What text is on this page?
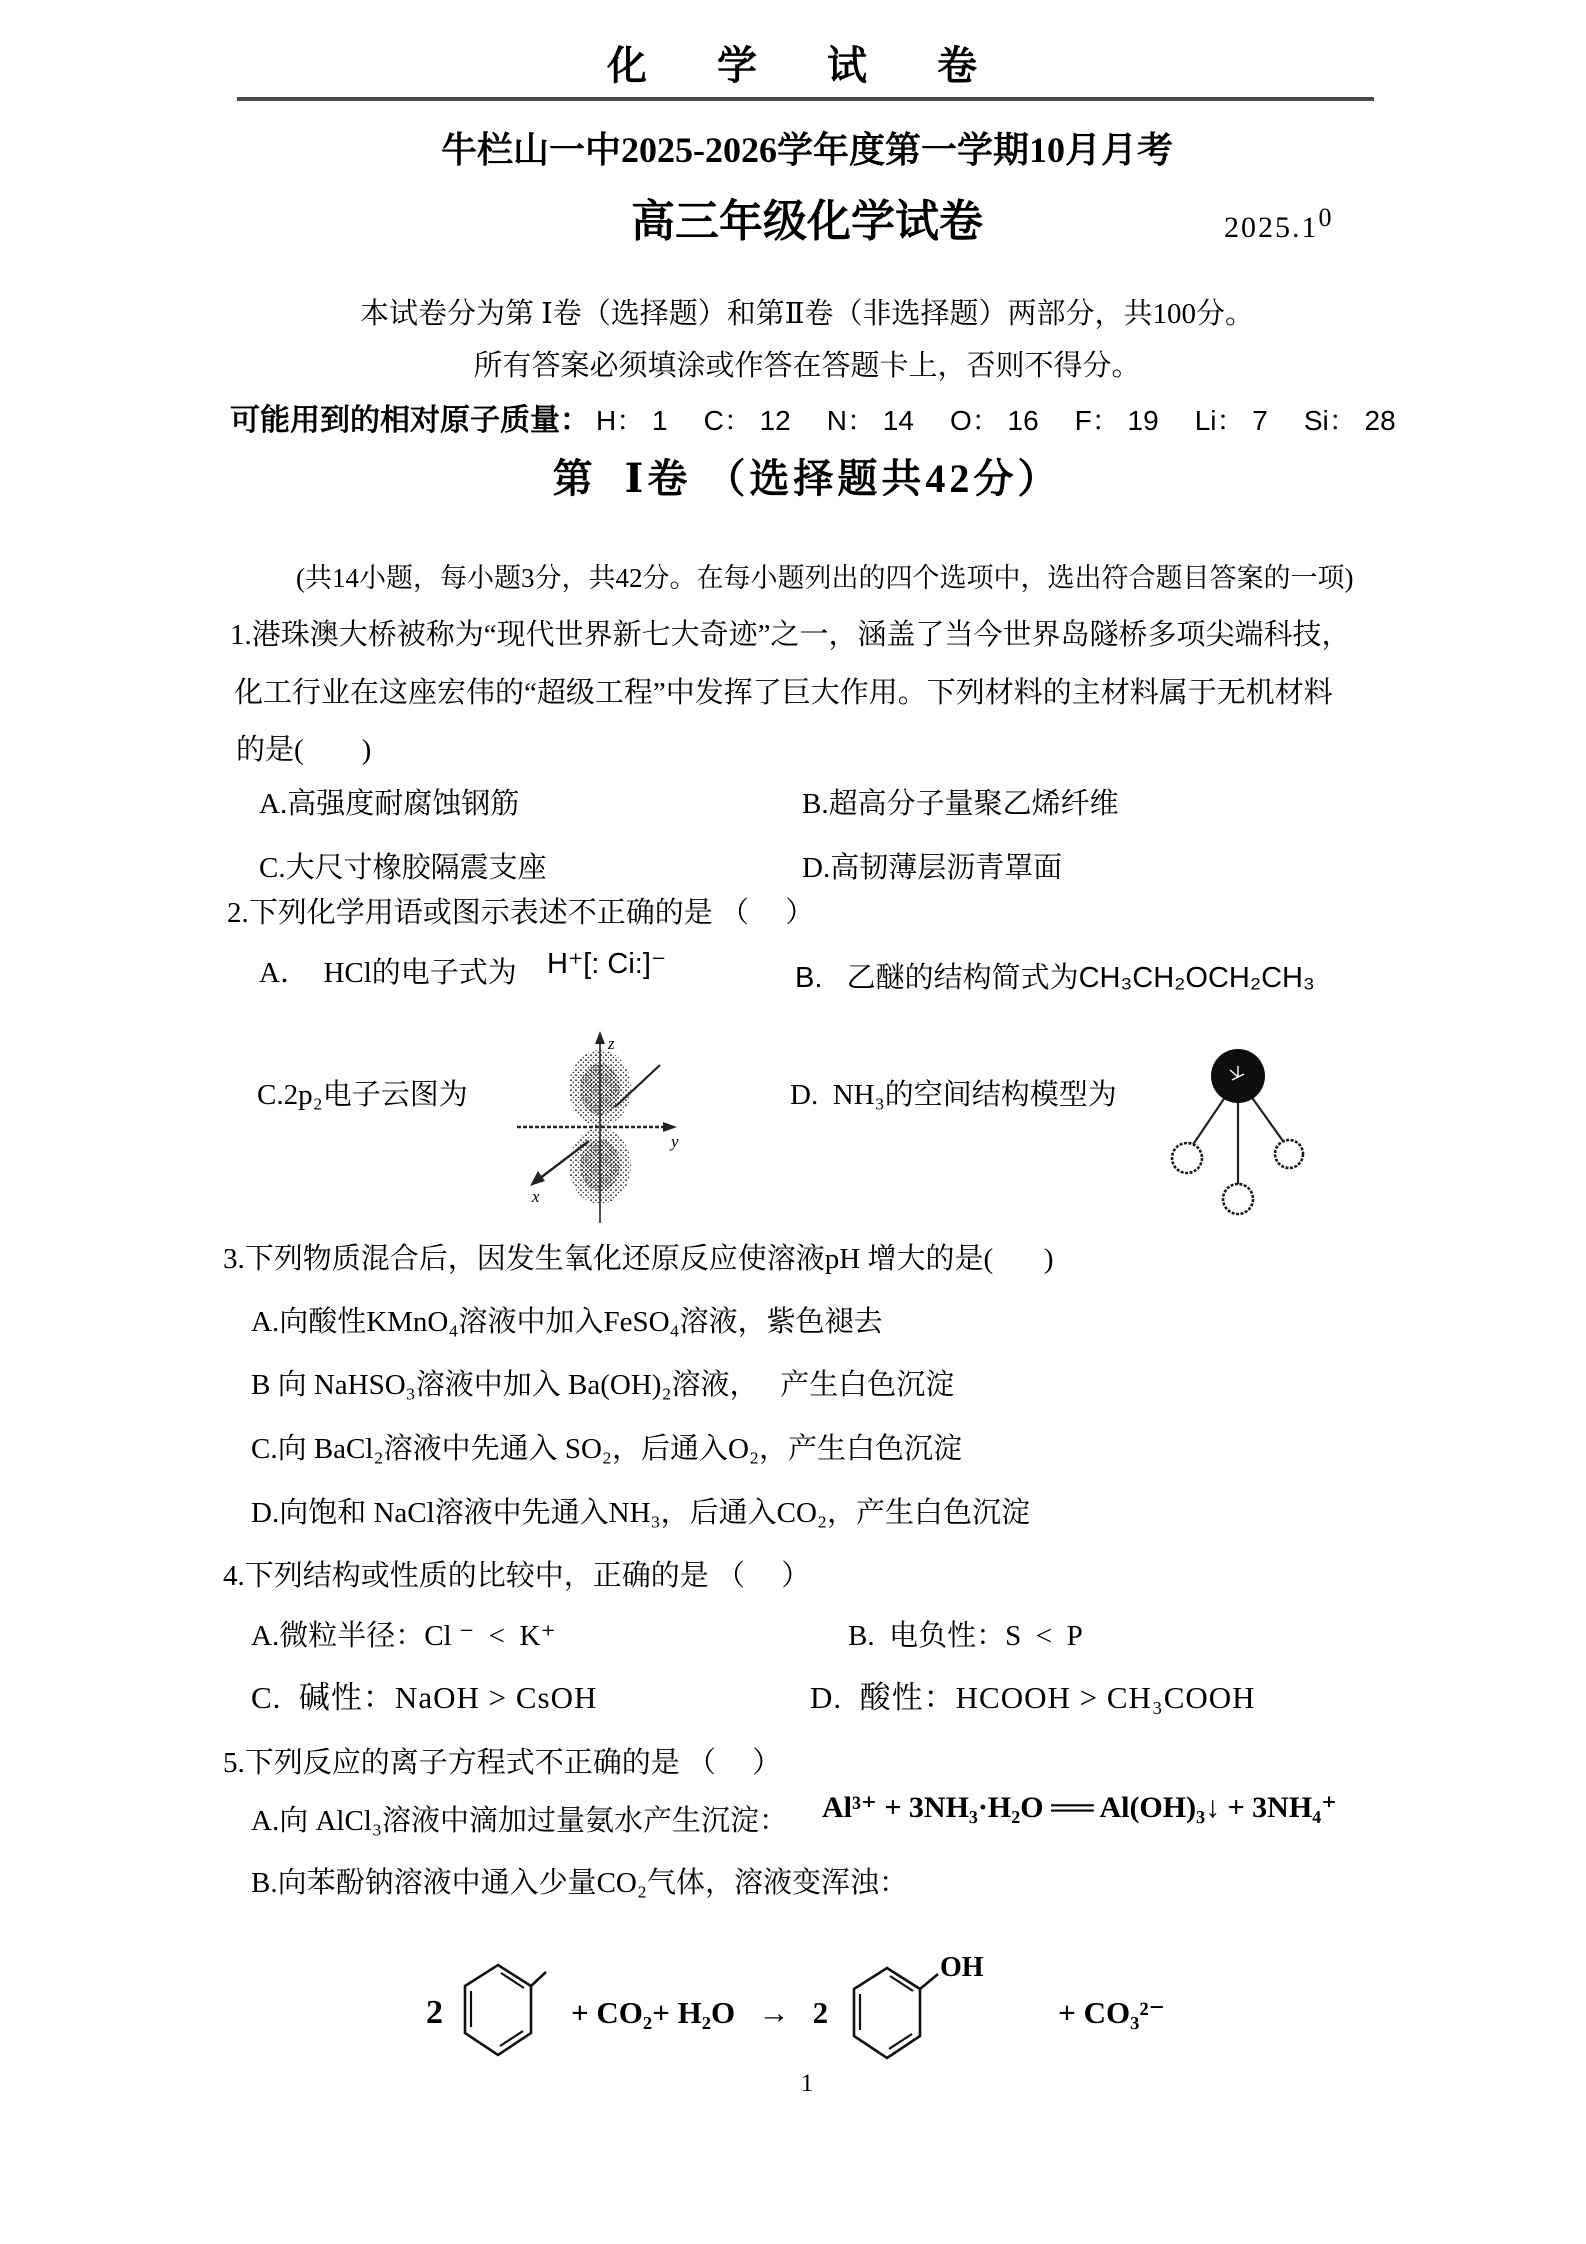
化 学 试 卷
牛栏山一中2025-2026学年度第一学期10月月考
高三年级化学试卷	2025.1$^0$
本试卷分为第 Ⅰ卷（选择题）和第Ⅱ卷（非选择题）两部分，共100分。
所有答案必须填涂或作答在答题卡上，否则不得分。
可能用到的相对原子质量： H： 1 C： 12 N： 14 O： 16 F： 19 Li： 7 Si： 28
第  Ⅰ卷 （选择题共42分）
(共14小题，每小题3分，共42分。在每小题列出的四个选项中，选出符合题目答案的一项)
1.港珠澳大桥被称为“现代世界新七大奇迹”之一，涵盖了当今世界岛隧桥多项尖端科技，
化工行业在这座宏伟的“超级工程”中发挥了巨大作用。下列材料的主材料属于无机材料
的是(        )
A.高强度耐腐蚀钢筋	B.超高分子量聚乙烯纤维
C.大尺寸橡胶隔震支座	D.高韧薄层沥青罩面
2.下列化学用语或图示表述不正确的是 （     ）
A．  HCl的电子式为 H⁺[: Ci:]⁻	B.   乙醚的结构简式为CH₃CH₂OCH₂CH₃
C.2p₂电子云图为	D.  NH₃的空间结构模型为

z
y
x

3.下列物质混合后，因发生氧化还原反应使溶液pH 增大的是(       )
A.向酸性KMnO₄溶液中加入FeSO₄溶液，紫色褪去
B 向 NaHSO₃溶液中加入 Ba(OH)₂溶液，   产生白色沉淀
C.向 BaCl₂溶液中先通入 SO₂，后通入O₂，产生白色沉淀
D.向饱和 NaCl溶液中先通入NH₃，后通入CO₂，产生白色沉淀
4.下列结构或性质的比较中，正确的是 （     ）
A.微粒半径：Cl ⁻  <  K⁺	B.  电负性：S  <  P
C.  碱性：NaOH > CsOH	D.  酸性：HCOOH > CH₃COOH
5.下列反应的离子方程式不正确的是 （     ）
A.向 AlCl₃溶液中滴加过量氨水产生沉淀： Al³⁺ + 3NH₃·H₂O ══ Al(OH)₃↓ + 3NH₄⁺
B.向苯酚钠溶液中通入少量CO₂气体，溶液变浑浊：
2

	+ CO₂+ H₂O   →   2

OH

+ CO₃²⁻
1
